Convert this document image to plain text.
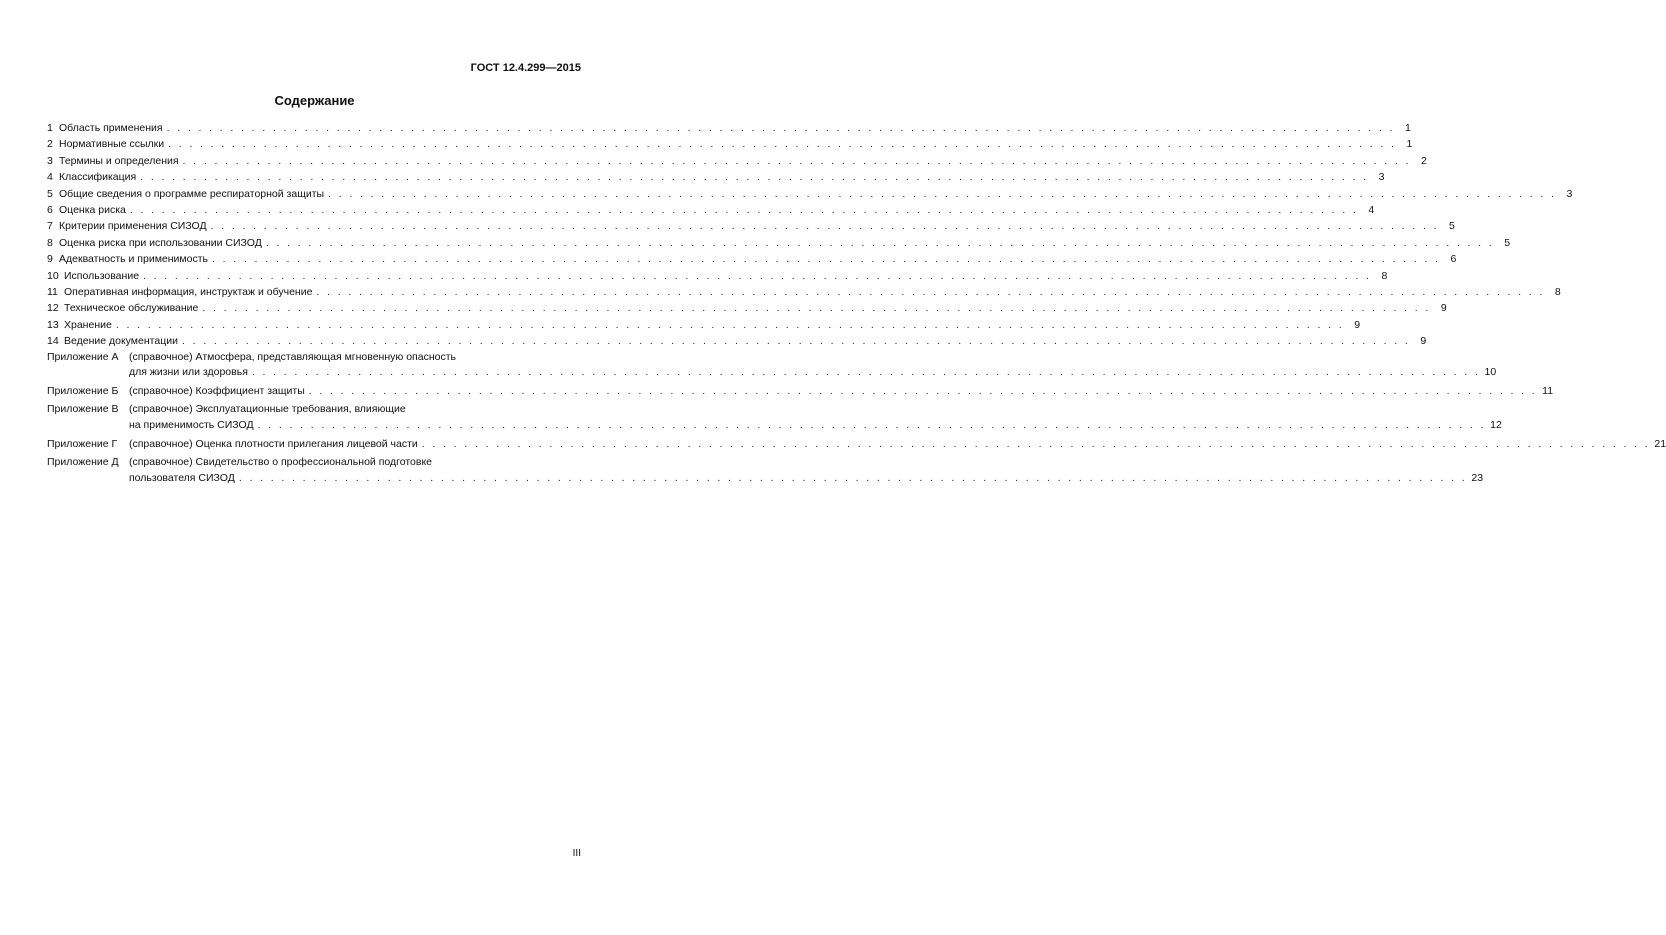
ГОСТ 12.4.299—2015
Содержание
1 Область применения . . .	1
2 Нормативные ссылки . . .	1
3 Термины и определения . . .	2
4 Классификация . . .	3
5 Общие сведения о программе респираторной защиты . . .	3
6 Оценка риска . . .	4
7 Критерии применения СИЗОД . . .	5
8 Оценка риска при использовании СИЗОД . . .	5
9 Адекватность и применимость . . .	6
10 Использование . . .	8
11 Оперативная информация, инструктаж и обучение . . .	8
12 Техническое обслуживание . . .	9
13 Хранение . . .	9
14 Ведение документации . . .	9
Приложение А (справочное) Атмосфера, представляющая мгновенную опасность
для жизни или здоровья . . .	10
Приложение Б	(справочное) Коэффициент защиты . . .	11
Приложение В (справочное) Эксплуатационные требования, влияющие
на применимость СИЗОД . . .	12
Приложение Г	(справочное) Оценка плотности прилегания лицевой части . . .	21
Приложение Д (справочное) Свидетельство о профессиональной подготовке
пользователя СИЗОД . . .	23
III
